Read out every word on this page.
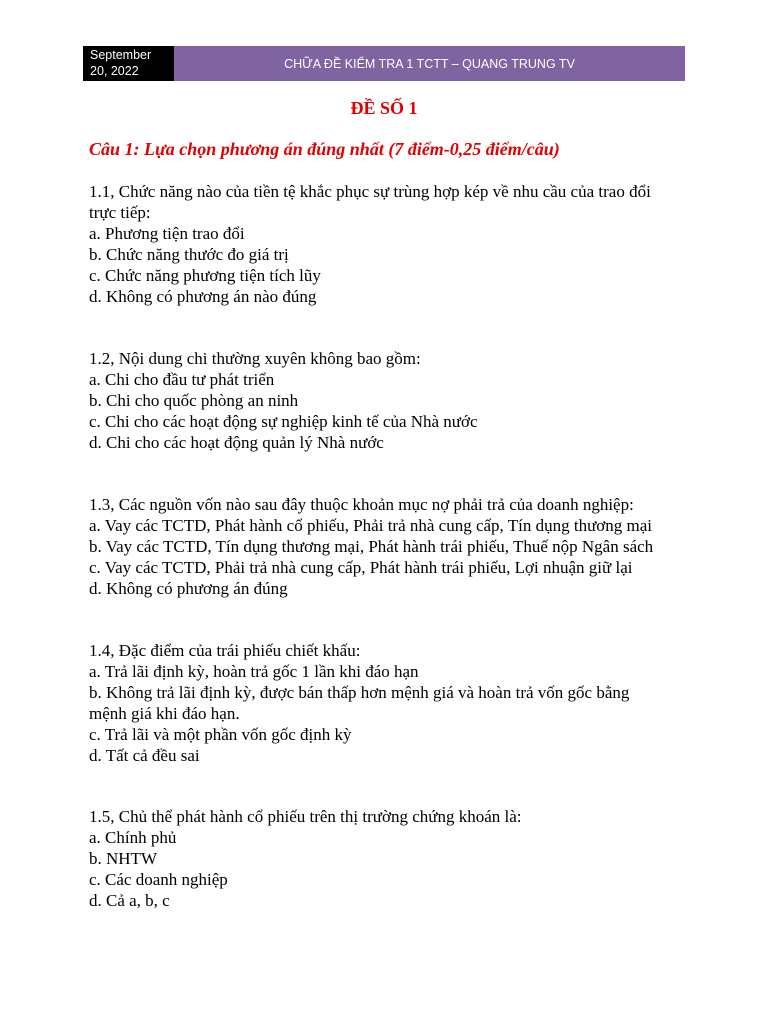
September
20, 2022
CHỮA ĐỀ KIỂM TRA 1 TCTT – QUANG TRUNG TV
ĐỀ SỐ 1
Câu 1: Lựa chọn phương án đúng nhất (7 điểm-0,25 điểm/câu)

1.1, Chức năng nào của tiền tệ khắc phục sự trùng hợp kép về nhu cầu của trao đổi

trực tiếp:

a. Phương tiện trao đổi
b. Chức năng thước đo giá trị
c. Chức năng phương tiện tích lũy
d. Không có phương án nào đúng

1.2, Nội dung chi thường xuyên không bao gồm:

a. Chi cho đầu tư phát triển
b. Chi cho quốc phòng an ninh
c. Chi cho các hoạt động sự nghiệp kinh tế của Nhà nước
d. Chi cho các hoạt động quản lý Nhà nước

1.3, Các nguồn vốn nào sau đây thuộc khoản mục nợ phải trả của doanh nghiệp:

a. Vay các TCTD, Phát hành cổ phiếu, Phải trả nhà cung cấp, Tín dụng thương mại
b. Vay các TCTD, Tín dụng thương mại, Phát hành trái phiếu, Thuế nộp Ngân sách
c. Vay các TCTD, Phải trả nhà cung cấp, Phát hành trái phiếu, Lợi nhuận giữ lại
d. Không có phương án đúng

1.4, Đặc điểm của trái phiếu chiết khấu:

a. Trả lãi định kỳ, hoàn trả gốc 1 lần khi đáo hạn
b. Không trả lãi định kỳ, được bán thấp hơn mệnh giá và hoàn trả vốn gốc bằng
mệnh giá khi đáo hạn.
c. Trả lãi và một phần vốn gốc định kỳ
d. Tất cả đều sai

1.5, Chủ thể phát hành cổ phiếu trên thị trường chứng khoán là:

a. Chính phủ
b. NHTW
c. Các doanh nghiệp
d. Cả a, b, c
